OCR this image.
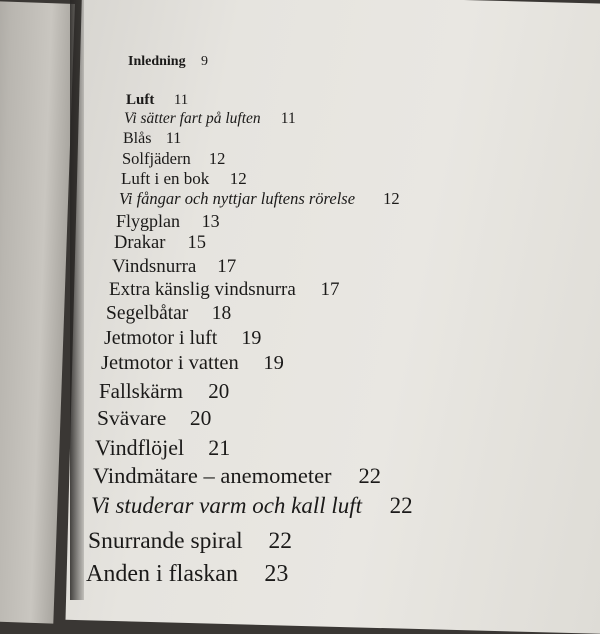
Inledning 9
Luft 11
Vi sätter fart på luften 11
Blås 11
Solfjädern 12
Luft i en bok 12
Vi fångar och nyttjar luftens rörelse 12
Flygplan 13
Drakar 15
Vindsnurra 17
Extra känslig vindsnurra 17
Segelbåtar 18
Jetmotor i luft 19
Jetmotor i vatten 19
Fallskärm 20
Svävare 20
Vindflöjel 21
Vindmätare – anemometer 22
Vi studerar varm och kall luft 22
Snurrande spiral 22
Anden i flaskan 23
